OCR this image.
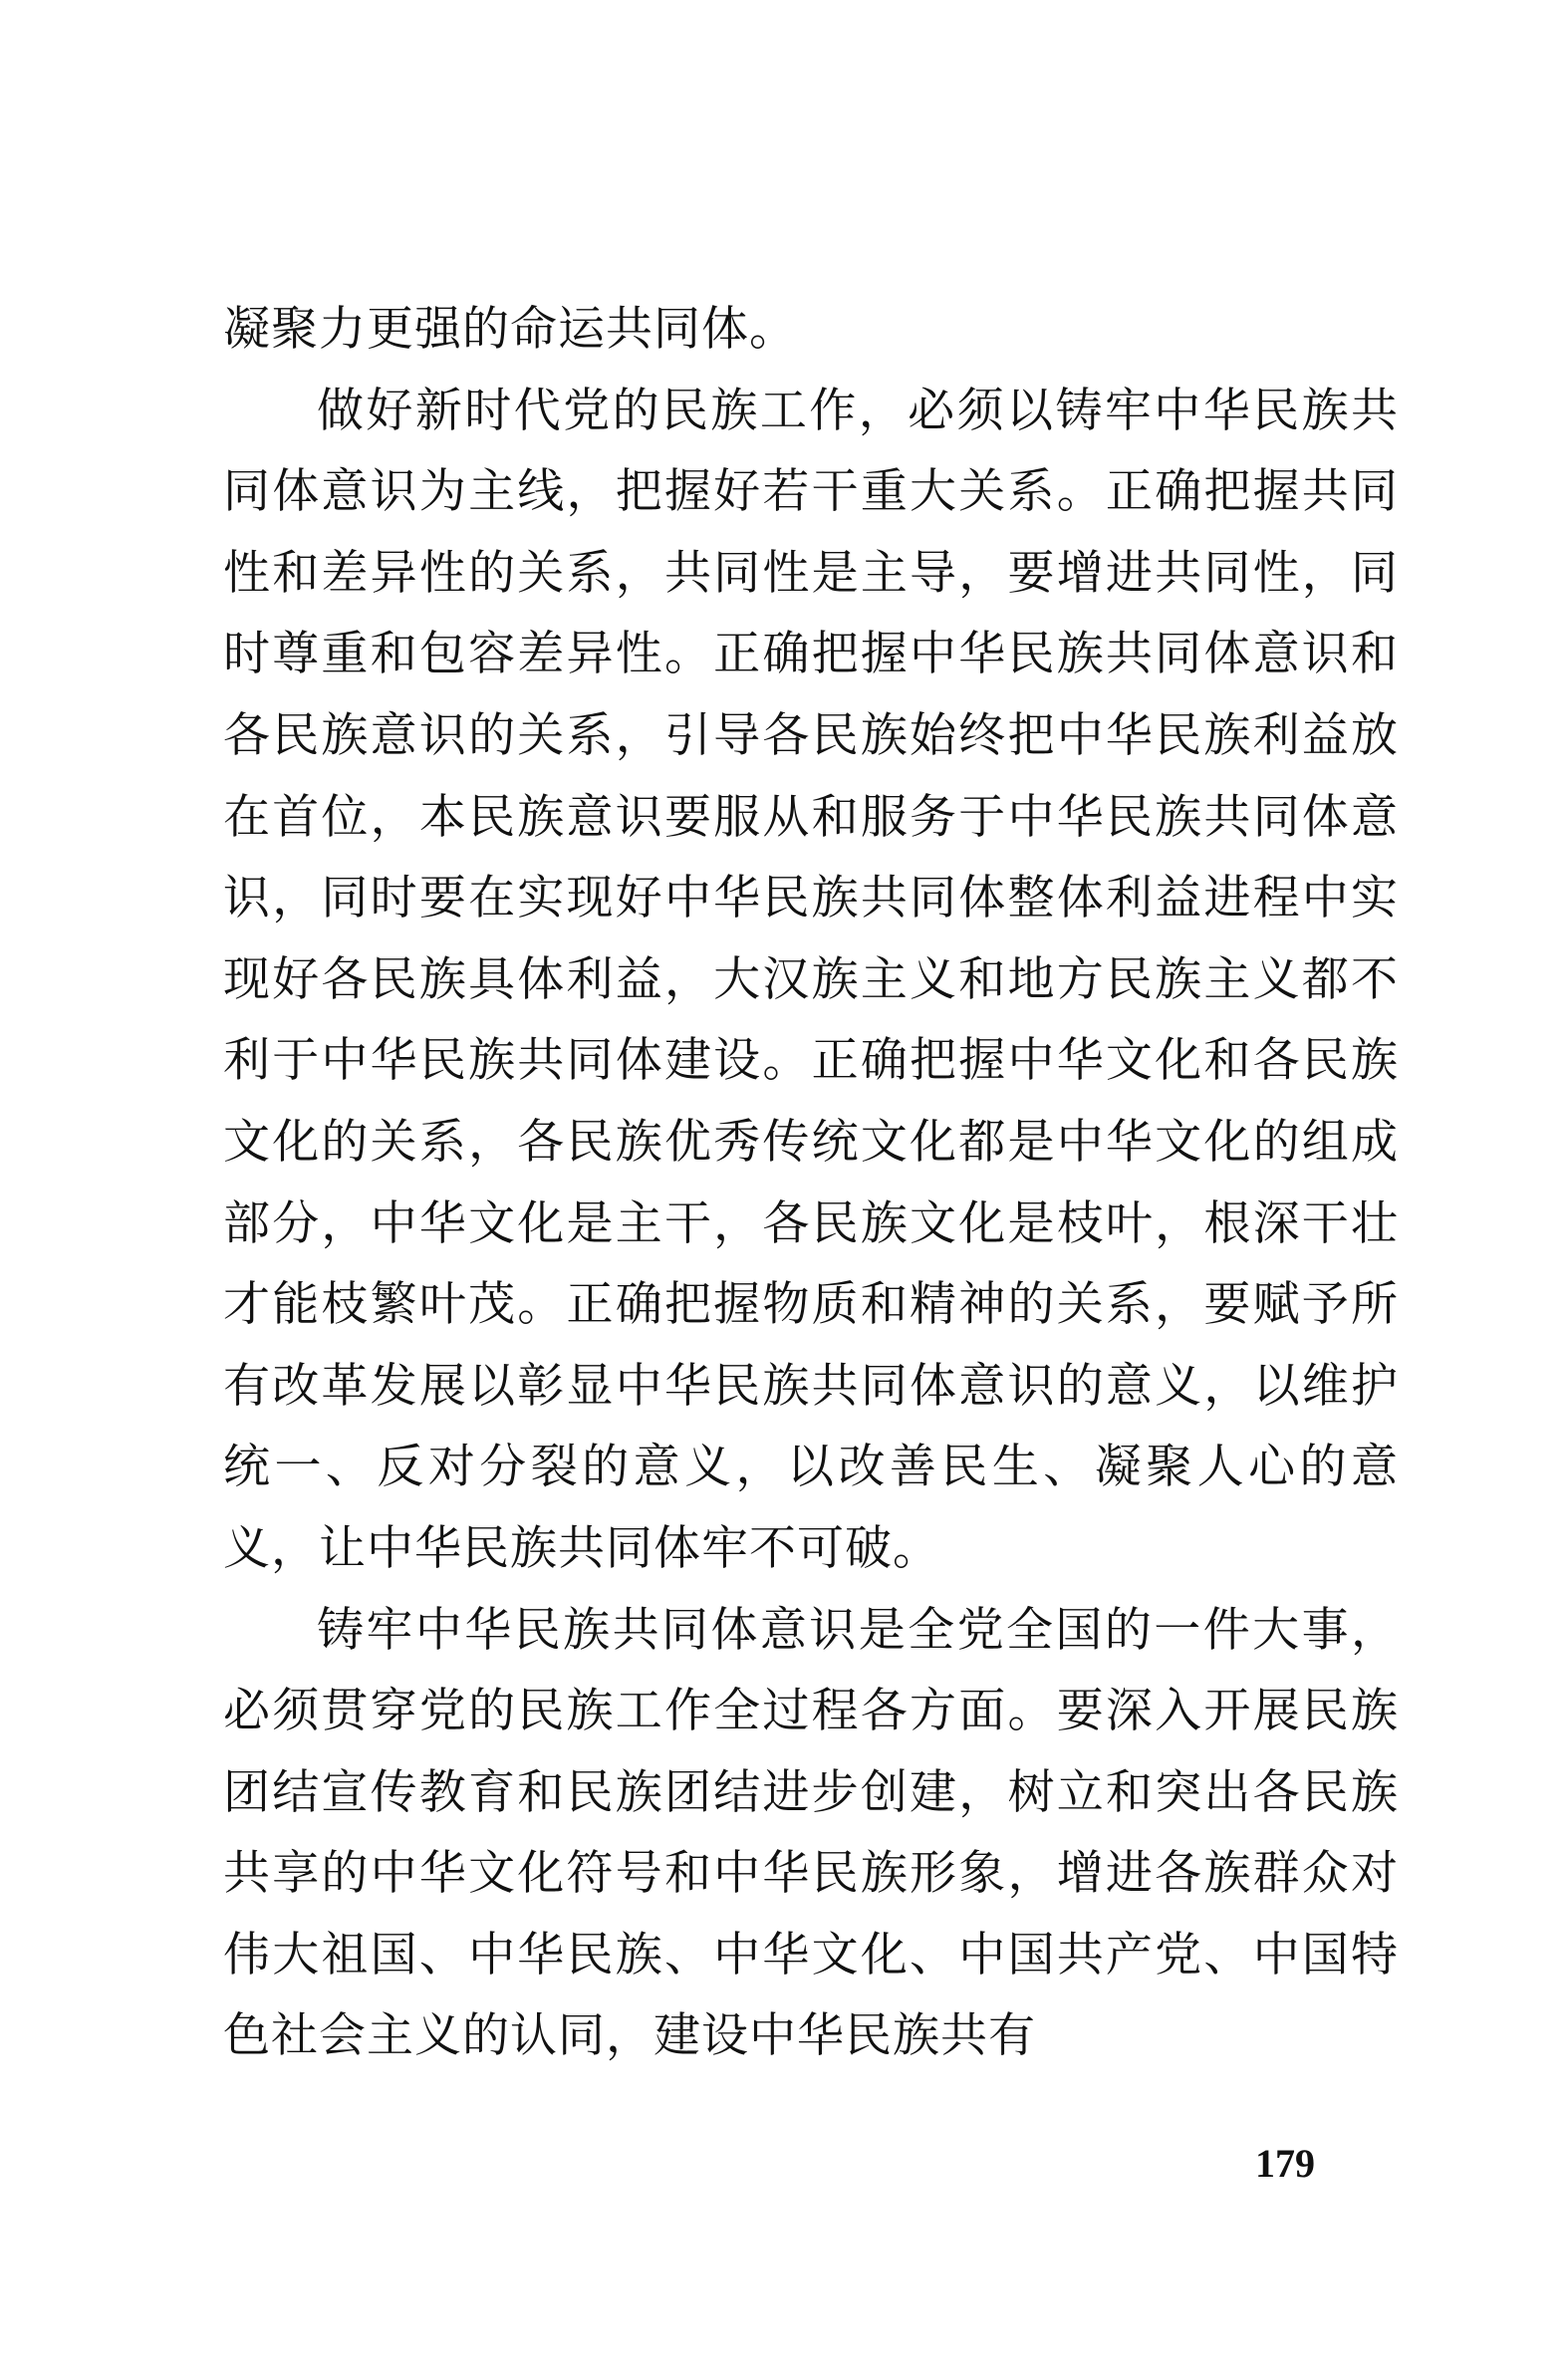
凝聚力更强的命运共同体。

做好新时代党的民族工作，必须以铸牢中华民族共同体意识为主线，把握好若干重大关系。正确把握共同性和差异性的关系，共同性是主导，要增进共同性，同时尊重和包容差异性。正确把握中华民族共同体意识和各民族意识的关系，引导各民族始终把中华民族利益放在首位，本民族意识要服从和服务于中华民族共同体意识，同时要在实现好中华民族共同体整体利益进程中实现好各民族具体利益，大汉族主义和地方民族主义都不利于中华民族共同体建设。正确把握中华文化和各民族文化的关系，各民族优秀传统文化都是中华文化的组成部分，中华文化是主干，各民族文化是枝叶，根深干壮才能枝繁叶茂。正确把握物质和精神的关系，要赋予所有改革发展以彰显中华民族共同体意识的意义，以维护统一、反对分裂的意义，以改善民生、凝聚人心的意义，让中华民族共同体牢不可破。

铸牢中华民族共同体意识是全党全国的一件大事，必须贯穿党的民族工作全过程各方面。要深入开展民族团结宣传教育和民族团结进步创建，树立和突出各民族共享的中华文化符号和中华民族形象，增进各族群众对伟大祖国、中华民族、中华文化、中国共产党、中国特色社会主义的认同，建设中华民族共有

179
